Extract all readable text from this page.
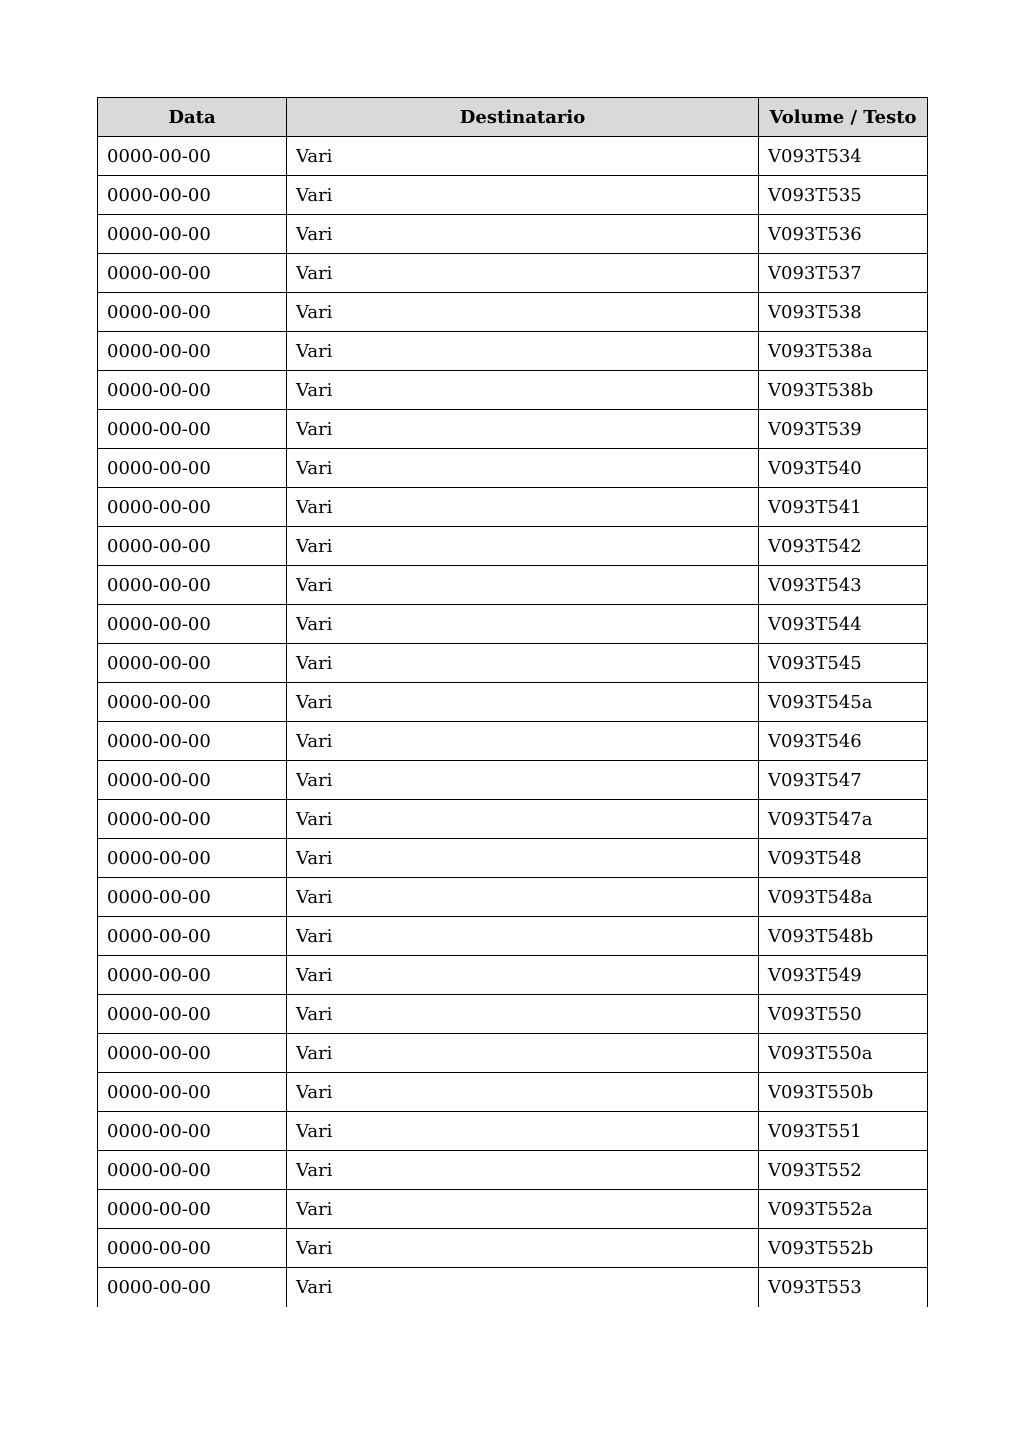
Data	Destinatario	Volume / Testo
0000-00-00	Vari	V093T534
0000-00-00	Vari	V093T535
0000-00-00	Vari	V093T536
0000-00-00	Vari	V093T537
0000-00-00	Vari	V093T538
0000-00-00	Vari	V093T538a
0000-00-00	Vari	V093T538b
0000-00-00	Vari	V093T539
0000-00-00	Vari	V093T540
0000-00-00	Vari	V093T541
0000-00-00	Vari	V093T542
0000-00-00	Vari	V093T543
0000-00-00	Vari	V093T544
0000-00-00	Vari	V093T545
0000-00-00	Vari	V093T545a
0000-00-00	Vari	V093T546
0000-00-00	Vari	V093T547
0000-00-00	Vari	V093T547a
0000-00-00	Vari	V093T548
0000-00-00	Vari	V093T548a
0000-00-00	Vari	V093T548b
0000-00-00	Vari	V093T549
0000-00-00	Vari	V093T550
0000-00-00	Vari	V093T550a
0000-00-00	Vari	V093T550b
0000-00-00	Vari	V093T551
0000-00-00	Vari	V093T552
0000-00-00	Vari	V093T552a
0000-00-00	Vari	V093T552b
0000-00-00	Vari	V093T553
